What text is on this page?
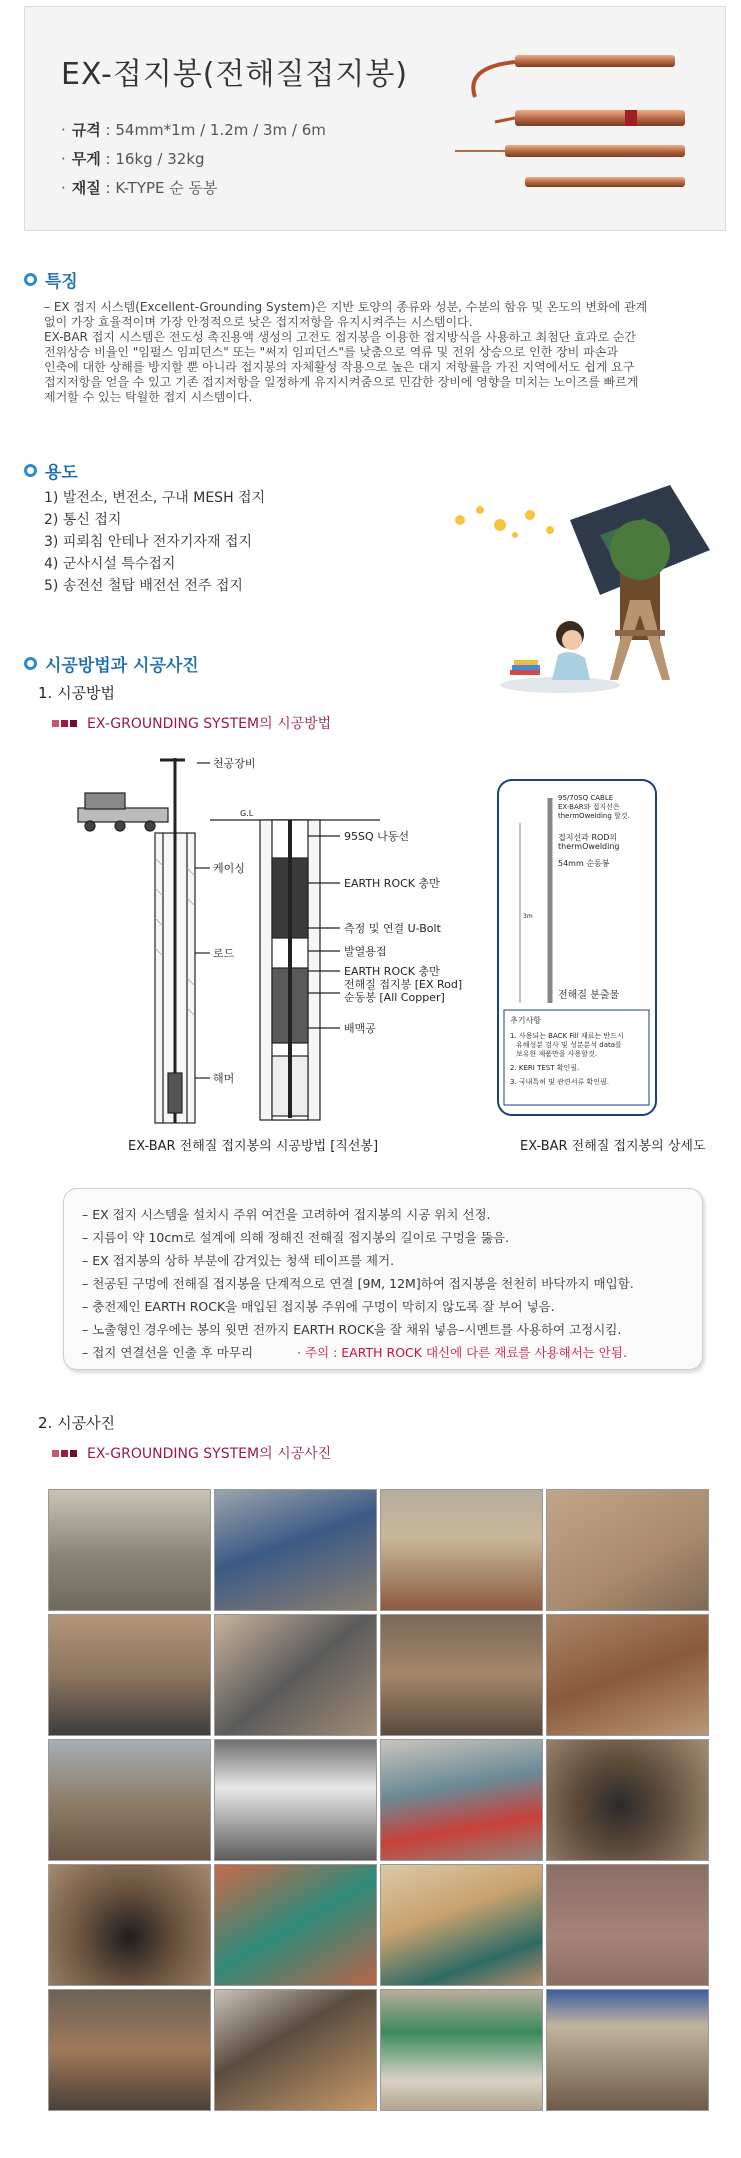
EX-접지봉(전해질접지봉)
· 규격 : 54mm*1m / 1.2m / 3m / 6m
· 무게 : 16kg / 32kg
· 재질 : K-TYPE 순 동봉
특징
– EX 접지 시스템(Excellent-Grounding System)은 지반 토양의 종류와 성분, 수분의 함유 및 온도의 변화에 관계
없이 가장 효율적이며 가장 안정적으로 낮은 접지저항을 유지시켜주는 시스템이다.
EX-BAR 접지 시스템은 전도성 촉진용액 생성의 고전도 접지봉을 이용한 접지방식을 사용하고 최첨단 효과로 순간
전위상승 비율인 "임펄스 임피던스" 또는 "써지 임피던스"를 낮춤으로 역류 및 전위 상승으로 인한 장비 파손과
인축에 대한 상해를 방지할 뿐 아니라 접지봉의 자체활성 작용으로 높은 대지 저항률을 가진 지역에서도 쉽게 요구
접지저항을 얻을 수 있고 기존 접지저항을 일정하게 유지시켜줌으로 민감한 장비에 영향을 미치는 노이즈를 빠르게
제거할 수 있는 탁월한 접지 시스템이다.
용도
1) 발전소, 변전소, 구내 MESH 접지
2) 통신 접지
3) 피뢰침 안테나 전자기자재 접지
4) 군사시설 특수접지
5) 송전선 철탑 배전선 전주 접지
시공방법과 시공사진
1. 시공방법
EX-GROUNDING SYSTEM의 시공방법
천공장비
케이싱
로드
해머
G.L
95SQ 나동선
EARTH ROCK 충만
측정 및 연결 U-Bolt
발열용접
EARTH ROCK 충만
전해질 접지봉 [EX Rod]
순동봉 [All Copper]
배맥공
95/70SQ CABLE
EX-BAR와 접지선은
thermOwelding 할것.
접지선과 ROD의
thermOwelding
54mm 순동봉
3m
전해질 분출물
추기사항
1. 사용되는 BACK Fill 재료는 반드시
유해성분 검사 및 성분분석 data를
보유한 제품만을 사용할것.
2. KERI TEST 확인필.
3. 국내특허 및 관련서류 확인필.
EX-BAR 전해질 접지봉의 시공방법 [직선봉]	EX-BAR 전해질 접지봉의 상세도
– EX 접지 시스템을 설치시 주위 여건을 고려하여 접지봉의 시공 위치 선정.
– 지름이 약 10cm로 설계에 의해 정해진 전해질 접지봉의 길이로 구멍을 뚫음.
– EX 접지봉의 상하 부분에 감겨있는 청색 테이프를 제거.
– 천공된 구멍에 전해질 접지봉을 단계적으로 연결 [9M, 12M]하여 접지봉을 천천히 바닥까지 매입함.
– 충전제인 EARTH ROCK을 매입된 접지봉 주위에 구멍이 막히지 않도록 잘 부어 넣음.
– 노출형인 경우에는 봉의 윗면 전까지 EARTH ROCK을 잘 채워 넣음–시멘트를 사용하여 고정시킴.
– 접지 연결선을 인출 후 마무리	· 주의 : EARTH ROCK 대신에 다른 재료를 사용해서는 안됨.
2. 시공사진
EX-GROUNDING SYSTEM의 시공사진
